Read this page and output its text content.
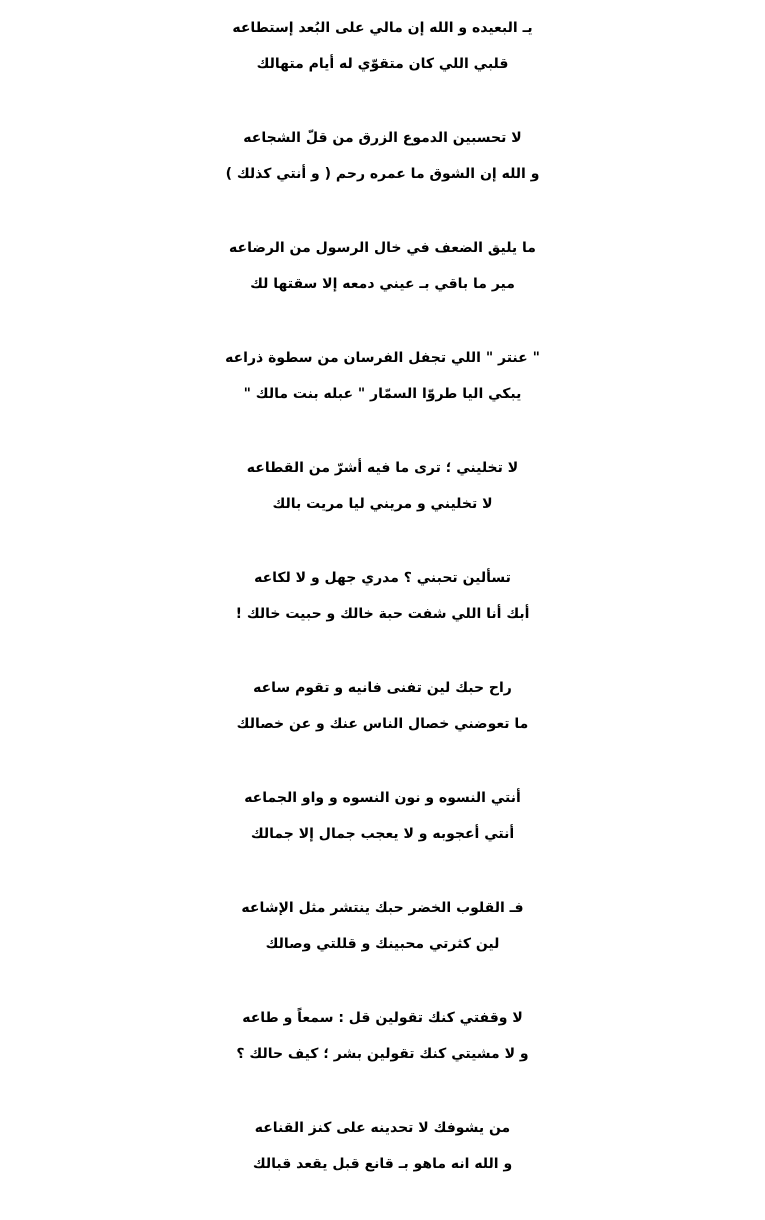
يـ البعيده و الله إن مالي على البُعد إستطاعه
قلبي اللي كان متقوّي له أيام متهالك
لا تحسبين الدموع الزرق من قلّ الشجاعه
و الله إن الشوق ما عمره رحم ( و أنتي كذلك )
ما يليق الضعف في خال الرسول من الرضاعه
مير ما باقي بـ عيني دمعه إلا سقتها لك
" عنتر " اللي تجفل الفرسان من سطوة ذراعه
يبكي اليا طروّا السمّار " عبله بنت مالك "
لا تخليني ؛ ترى ما فيه أشرّ من القطاعه
لا تخليني و مريني ليا مريت بالك
تسألين تحبني ؟ مدري جهل و لا لكاعه
أبك أنا اللي شفت حبة خالك و حبيت خالك !
راح حبك لين تفنى فانيه و تقوم ساعه
ما تعوضني خصال الناس عنك و عن خصالك
أنتي النسوه و نون النسوه و واو الجماعه
أنتي أعجوبه و لا يعجب جمال إلا جمالك
فـ القلوب الخضر حبك ينتشر مثل الإشاعه
لين كثرتي محبينك و قللتي وصالك
لا وقفتي كنك تقولين قل : سمعاً و طاعه
و لا مشيتي كنك تقولين بشر ؛ كيف حالك ؟
من يشوفك لا تحدينه على كنز القناعه
و الله انه ماهو بـ قانع قبل يقعد قبالك
